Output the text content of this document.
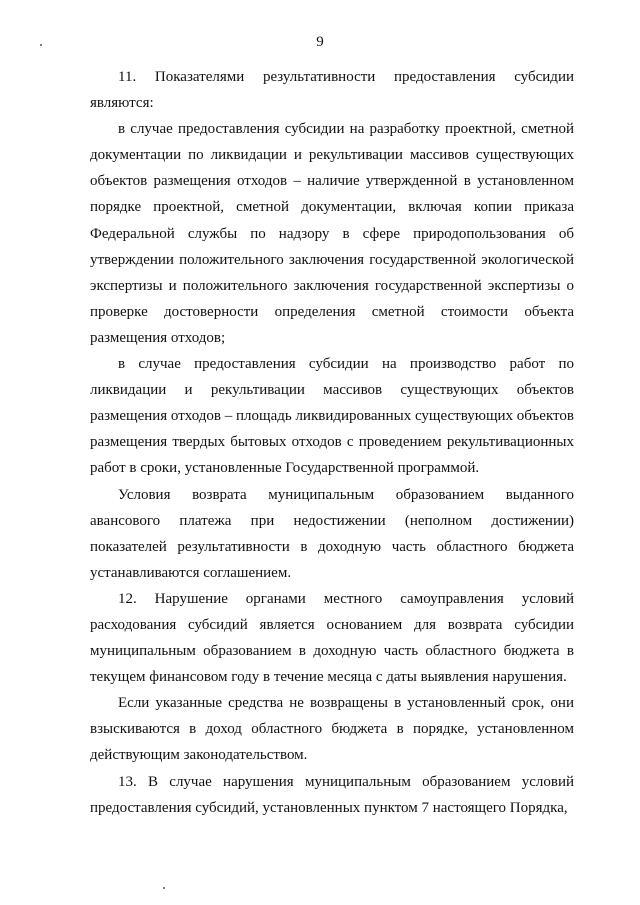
9

11. Показателями результативности предоставления субсидии являются:

в случае предоставления субсидии на разработку проектной, сметной документации по ликвидации и рекультивации массивов существующих объектов размещения отходов – наличие утвержденной в установленном порядке проектной, сметной документации, включая копии приказа Федеральной службы по надзору в сфере природопользования об утверждении положительного заключения государственной экологической экспертизы и положительного заключения государственной экспертизы о проверке достоверности определения сметной стоимости объекта размещения отходов;

в случае предоставления субсидии на производство работ по ликвидации и рекультивации массивов существующих объектов размещения отходов – площадь ликвидированных существующих объектов размещения твердых бытовых отходов с проведением рекультивационных работ в сроки, установленные Государственной программой.

Условия возврата муниципальным образованием выданного авансового платежа при недостижении (неполном достижении) показателей результативности в доходную часть областного бюджета устанавливаются соглашением.

12. Нарушение органами местного самоуправления условий расходования субсидий является основанием для возврата субсидии муниципальным образованием в доходную часть областного бюджета в текущем финансовом году в течение месяца с даты выявления нарушения.

Если указанные средства не возвращены в установленный срок, они взыскиваются в доход областного бюджета в порядке, установленном действующим законодательством.

13. В случае нарушения муниципальным образованием условий предоставления субсидий, установленных пунктом 7 настоящего Порядка,
